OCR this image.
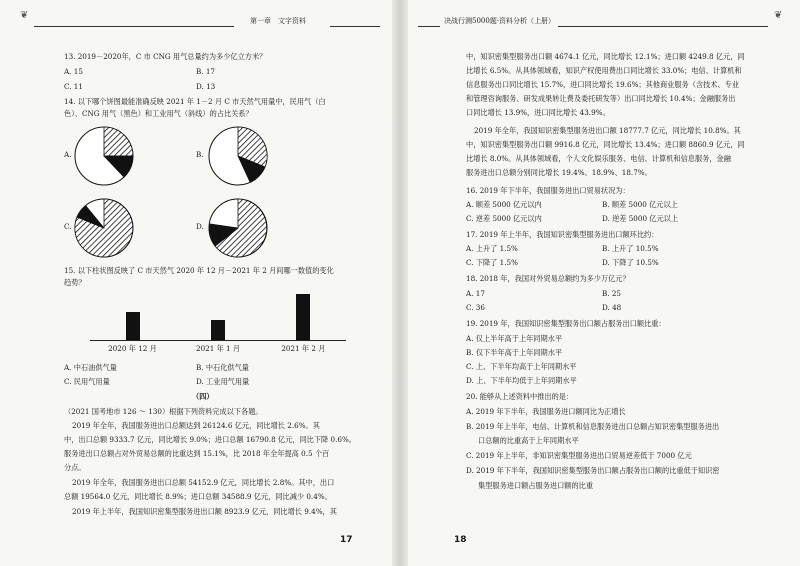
❦	第一章　文字资料
13. 2019－2020年，C 市 CNG 用气总量约为多少亿立方米？
A. 15	B. 17
C. 11	D. 13
14. 以下哪个饼图最能准确反映 2021 年 1－2 月 C 市天然气用量中，民用气（白
色）、CNG 用气（黑色）和工业用气（斜线）的占比关系？
A.	B.
C.	D.
15. 以下柱状图反映了 C 市天然气 2020 年 12 月－2021 年 2 月间哪一数值的变化
趋势？
2020 年 12 月	2021 年 1 月	2021 年 2 月
A. 中石油供气量	B. 中石化供气量
C. 民用气用量	D. 工业用气用量
（四）
（2021 国考地市 126 ～ 130）根据下列资料完成以下各题。
2019 年全年，我国服务进出口总额达到 26124.6 亿元，同比增长 2.6%。其
中，出口总额 9333.7 亿元，同比增长 9.0%；进口总额 16790.8 亿元，同比下降 0.6%。
服务进出口总额占对外贸易总额的比重达到 15.1%，比 2018 年全年提高 0.5 个百
分点。
2019 年全年，我国服务进出口总额 54152.9 亿元，同比增长 2.8%。其中，出口
总额 19564.0 亿元，同比增长 8.9%；进口总额 34588.9 亿元，同比减少 0.4%。
2019 年上半年，我国知识密集型服务进出口额 8923.9 亿元，同比增长 9.4%，其
17
决战行测5000题·资料分析（上册）	❦
中，知识密集型服务出口额 4674.1 亿元，同比增长 12.1%；进口额 4249.8 亿元，同
比增长 6.5%。从具体领域看，知识产权使用费出口同比增长 33.0%；电信、计算机和
信息服务出口同比增长 15.7%，进口同比增长 19.6%；其他商业服务（含技术、专业
和管理咨询服务、研发成果转让费及委托研发等）出口同比增长 10.4%；金融服务出
口同比增长 13.9%，进口同比增长 43.9%。
2019 年全年，我国知识密集型服务进出口额 18777.7 亿元，同比增长 10.8%。其
中，知识密集型服务出口额 9916.8 亿元，同比增长 13.4%；进口额 8860.9 亿元，同
比增长 8.0%。从具体领域看，个人文化娱乐服务、电信、计算机和信息服务，金融
服务进出口总额分别同比增长 19.4%、18.9%、18.7%。
16. 2019 年下半年，我国服务进出口贸易状况为：
A. 顺差 5000 亿元以内	B. 顺差 5000 亿元以上
C. 逆差 5000 亿元以内	D. 逆差 5000 亿元以上
17. 2019 年上半年，我国知识密集型服务进出口额环比约：
A. 上升了 1.5%	B. 上升了 10.5%
C. 下降了 1.5%	D. 下降了 10.5%
18. 2018 年，我国对外贸易总额约为多少万亿元？
A. 17	B. 25
C. 36	D. 48
19. 2019 年，我国知识密集型服务出口额占服务出口额比重：
A. 仅上半年高于上年同期水平
B. 仅下半年高于上年同期水平
C. 上、下半年均高于上年同期水平
D. 上、下半年均低于上年同期水平
20. 能够从上述资料中推出的是：
A. 2019 年下半年，我国服务进口额同比为正增长
B. 2019 年上半年，电信、计算机和信息服务进出口总额占知识密集型服务进出
口总额的比重高于上年同期水平
C. 2019 年上半年，非知识密集型服务进出口贸易逆差低于 7000 亿元
D. 2019 年下半年，我国知识密集型服务出口额占服务出口额的比重低于知识密
集型服务进口额占服务进口额的比重
18
